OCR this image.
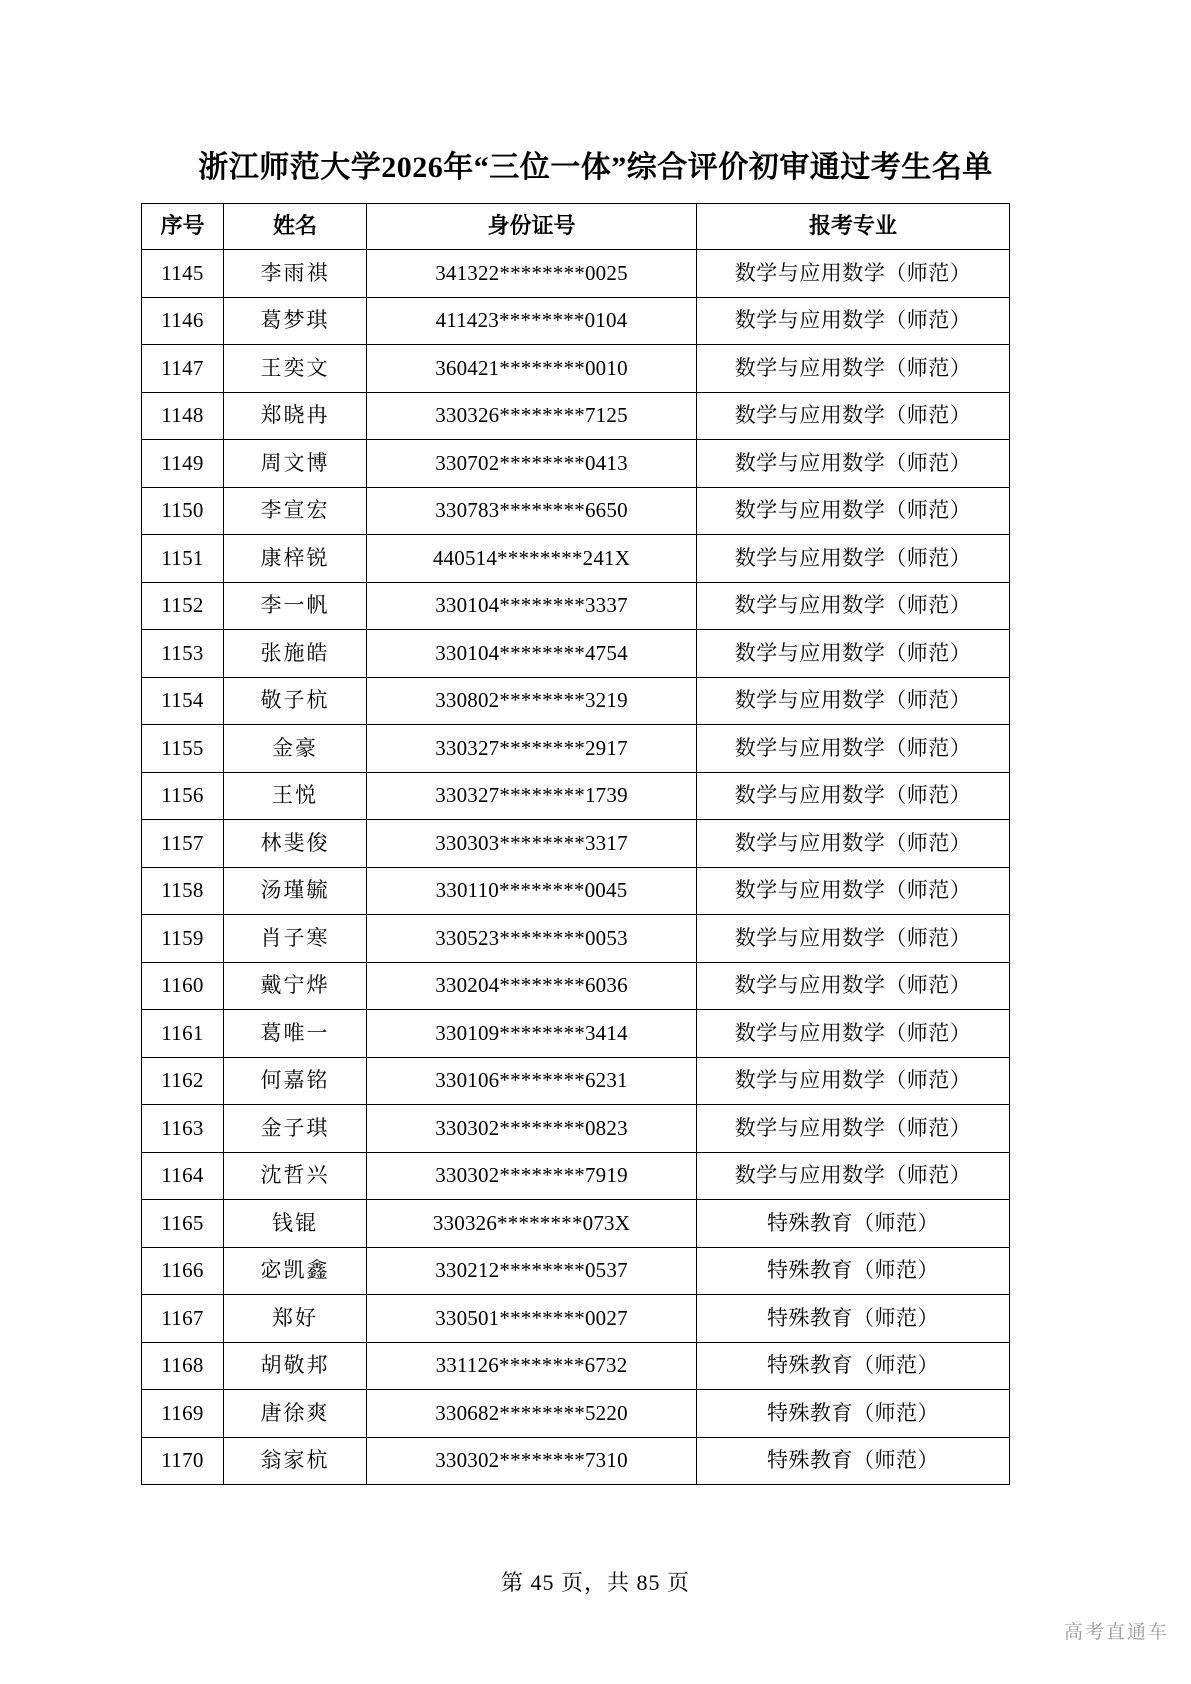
浙江师范大学2026年“三位一体”综合评价初审通过考生名单
序号	姓名	身份证号	报考专业
1145	李雨祺	341322********0025	数学与应用数学（师范）
1146	葛梦琪	411423********0104	数学与应用数学（师范）
1147	王奕文	360421********0010	数学与应用数学（师范）
1148	郑晓冉	330326********7125	数学与应用数学（师范）
1149	周文博	330702********0413	数学与应用数学（师范）
1150	李宣宏	330783********6650	数学与应用数学（师范）
1151	康梓锐	440514********241X	数学与应用数学（师范）
1152	李一帆	330104********3337	数学与应用数学（师范）
1153	张施皓	330104********4754	数学与应用数学（师范）
1154	敬子杭	330802********3219	数学与应用数学（师范）
1155	金豪	330327********2917	数学与应用数学（师范）
1156	王悦	330327********1739	数学与应用数学（师范）
1157	林斐俊	330303********3317	数学与应用数学（师范）
1158	汤瑾毓	330110********0045	数学与应用数学（师范）
1159	肖子寒	330523********0053	数学与应用数学（师范）
1160	戴宁烨	330204********6036	数学与应用数学（师范）
1161	葛唯一	330109********3414	数学与应用数学（师范）
1162	何嘉铭	330106********6231	数学与应用数学（师范）
1163	金子琪	330302********0823	数学与应用数学（师范）
1164	沈哲兴	330302********7919	数学与应用数学（师范）
1165	钱锟	330326********073X	特殊教育（师范）
1166	宓凯鑫	330212********0537	特殊教育（师范）
1167	郑好	330501********0027	特殊教育（师范）
1168	胡敬邦	331126********6732	特殊教育（师范）
1169	唐徐爽	330682********5220	特殊教育（师范）
1170	翁家杭	330302********7310	特殊教育（师范）
第 45 页，共 85 页
高考直通车
